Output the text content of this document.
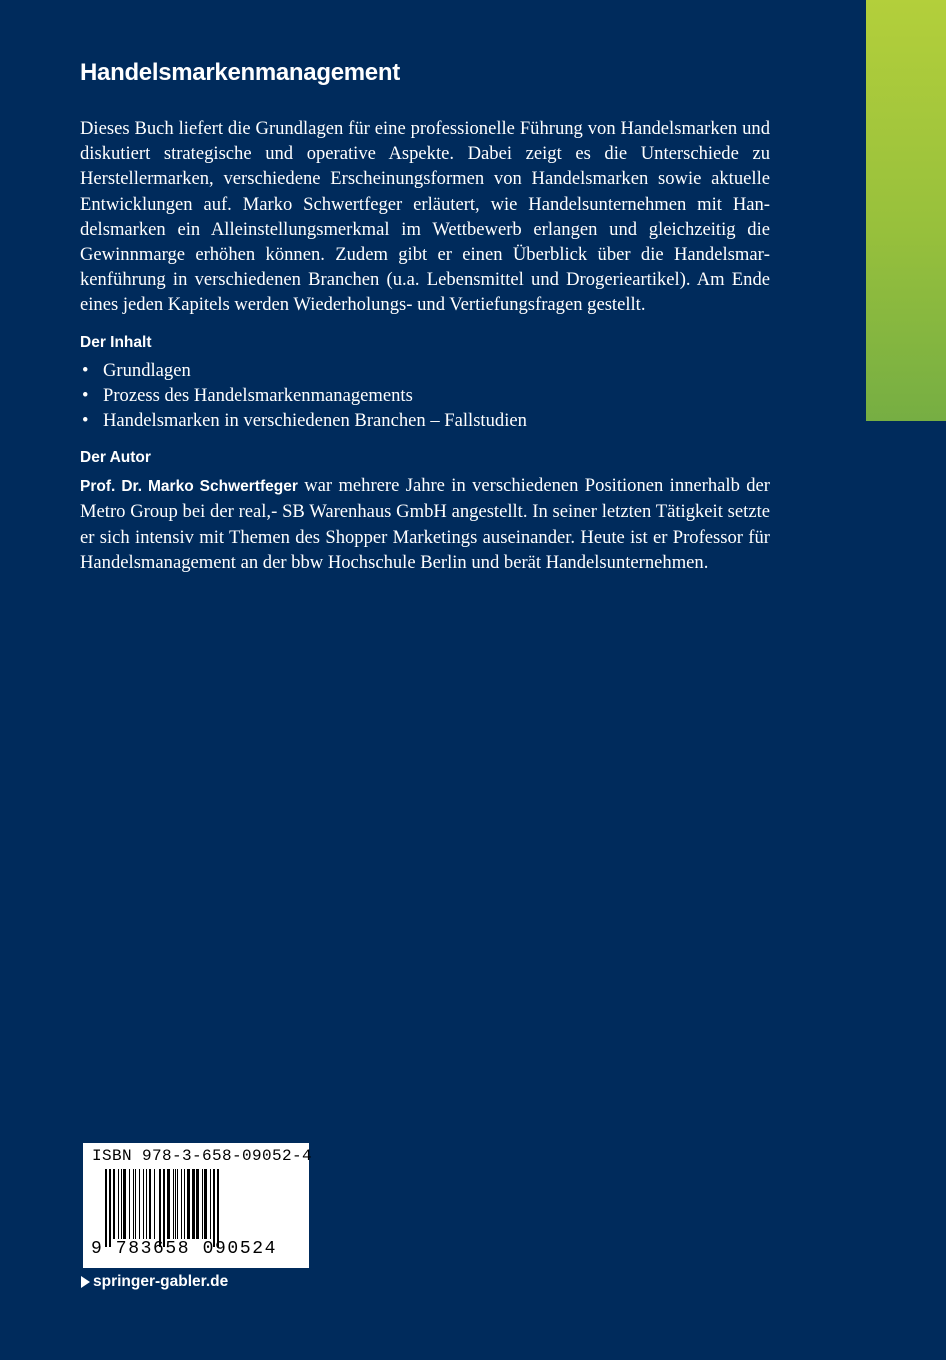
Handelsmarkenmanagement

Dieses Buch liefert die Grundlagen für eine professionelle Führung von Handelsmarken und diskutiert strategische und operative Aspekte. Dabei zeigt es die Unterschiede zu Herstellermarken, verschiedene Erscheinungsformen von Handelsmarken sowie aktuelle Entwicklungen auf. Marko Schwertfeger erläutert, wie Handelsunternehmen mit Handelsmarken ein Alleinstellungsmerkmal im Wettbewerb erlangen und gleichzeitig die Gewinnmarge erhöhen können. Zudem gibt er einen Überblick über die Handelsmarkenführung in verschiedenen Branchen (u.a. Lebensmittel und Drogerieartikel). Am Ende eines jeden Kapitels werden Wiederholungs- und Vertiefungsfragen gestellt.

Der Inhalt
• Grundlagen
• Prozess des Handelsmarkenmanagements
• Handelsmarken in verschiedenen Branchen – Fallstudien
Der Autor

Prof. Dr. Marko Schwertfeger war mehrere Jahre in verschiedenen Positionen innerhalb der Metro Group bei der real,- SB Warenhaus GmbH angestellt. In seiner letzten Tätigkeit setzte er sich intensiv mit Themen des Shopper Marketings auseinander. Heute ist er Professor für Handelsmanagement an der bbw Hochschule Berlin und berät Handelsunternehmen.

ISBN 978-3-658-09052-4
9 783658 090524
springer-gabler.de
